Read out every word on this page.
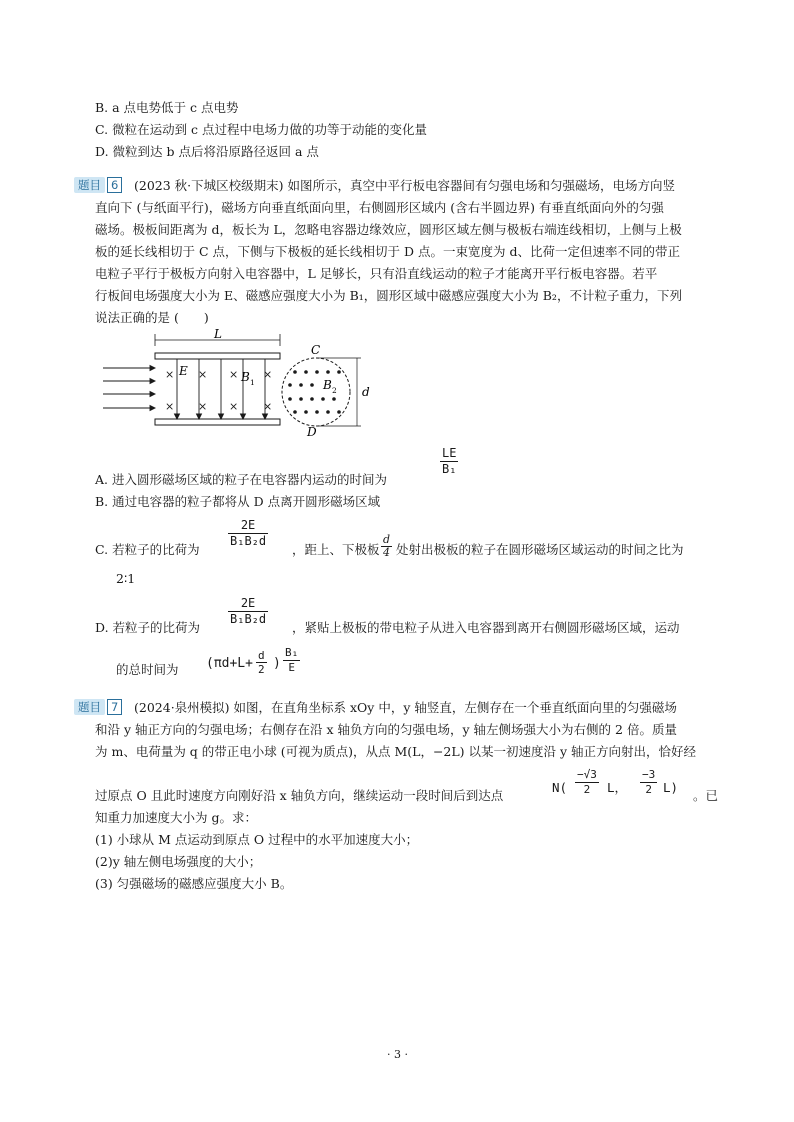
B. a 点电势低于 c 点电势
C. 微粒在运动到 c 点过程中电场力做的功等于动能的变化量
D. 微粒到达 b 点后将沿原路径返回 a 点
题目 6	(2023 秋·下城区校级期末) 如图所示，真空中平行板电容器间有匀强电场和匀强磁场，电场方向竖
直向下 (与纸面平行)，磁场方向垂直纸面向里，右侧圆形区域内 (含右半圆边界) 有垂直纸面向外的匀强
磁场。极板间距离为 d，板长为 L，忽略电容器边缘效应，圆形区域左侧与极板右端连线相切，上侧与上极
板的延长线相切于 C 点，下侧与下极板的延长线相切于 D 点。一束宽度为 d、比荷一定但速率不同的带正
电粒子平行于极板方向射入电容器中，L 足够长，只有沿直线运动的粒子才能离开平行板电容器。若平
行板间电场强度大小为 E、磁感应强度大小为 B₁，圆形区域中磁感应强度大小为 B₂，不计粒子重力，下列
说法正确的是 (　　)
L
×
×
×
×
×
×
×
×
E	B 1	B 2
C
D
d
A. 进入圆形磁场区域的粒子在电容器内运动的时间为
LE
B₁
B. 通过电容器的粒子都将从 D 点离开圆形磁场区域
C. 若粒子的比荷为
2E
B₁B₂d
，距上、下极板
d
4 处射出极板的粒子在圆形磁场区域运动的时间之比为
2∶1
D. 若粒子的比荷为
2E
B₁B₂d
，紧贴上极板的带电粒子从进入电容器到离开右侧圆形磁场区域，运动
的总时间为 (πd+L+
d
2 )
B₁
E
题目 7	(2024·泉州模拟) 如图，在直角坐标系 xOy 中，y 轴竖直，左侧存在一个垂直纸面向里的匀强磁场
和沿 y 轴正方向的匀强电场；右侧存在沿 x 轴负方向的匀强电场，y 轴左侧场强大小为右侧的 2 倍。质量
为 m、电荷量为 q 的带正电小球 (可视为质点)，从点 M(L，−2L) 以某一初速度沿 y 轴正方向射出，恰好经
过原点 O 且此时速度方向刚好沿 x 轴负方向，继续运动一段时间后到达点
N(
−√3
2	L，
−3
2 L)
。已
知重力加速度大小为 g。求：
(1) 小球从 M 点运动到原点 O 过程中的水平加速度大小；
(2)y 轴左侧电场强度的大小；
(3) 匀强磁场的磁感应强度大小 B。
· 3 ·
